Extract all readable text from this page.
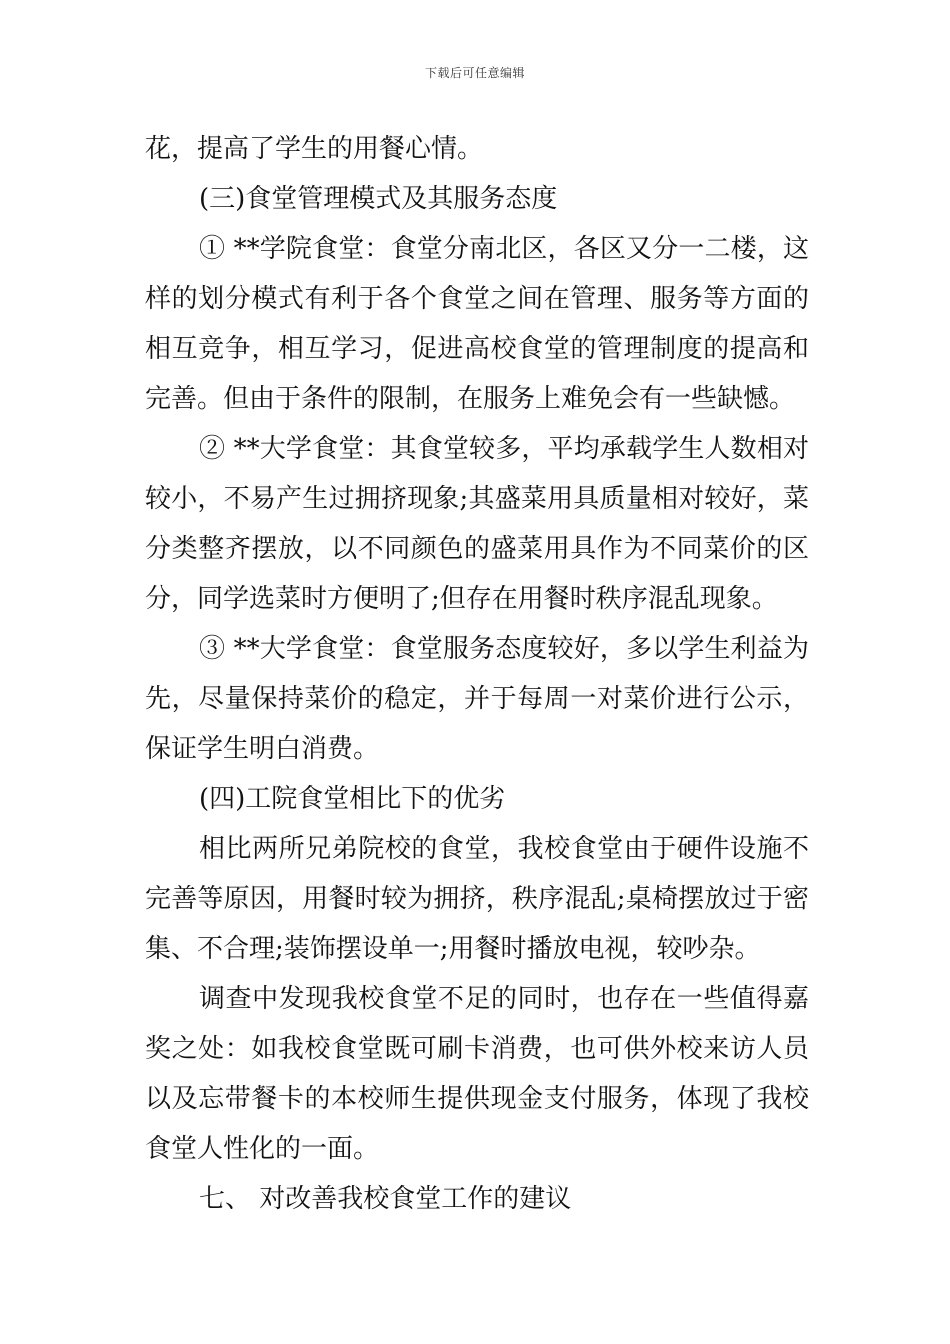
下载后可任意编辑
花，提高了学生的用餐心情。
(三)食堂管理模式及其服务态度
① **学院食堂：食堂分南北区，各区又分一二楼，这
样的划分模式有利于各个食堂之间在管理、服务等方面的
相互竞争，相互学习，促进高校食堂的管理制度的提高和
完善。但由于条件的限制，在服务上难免会有一些缺憾。
② **大学食堂：其食堂较多，平均承载学生人数相对
较小，不易产生过拥挤现象;其盛菜用具质量相对较好，菜
分类整齐摆放，以不同颜色的盛菜用具作为不同菜价的区
分，同学选菜时方便明了;但存在用餐时秩序混乱现象。
③ **大学食堂：食堂服务态度较好，多以学生利益为
先，尽量保持菜价的稳定，并于每周一对菜价进行公示，
保证学生明白消费。
(四)工院食堂相比下的优劣
相比两所兄弟院校的食堂，我校食堂由于硬件设施不
完善等原因，用餐时较为拥挤，秩序混乱;桌椅摆放过于密
集、不合理;装饰摆设单一;用餐时播放电视，较吵杂。
调查中发现我校食堂不足的同时，也存在一些值得嘉
奖之处：如我校食堂既可刷卡消费，也可供外校来访人员
以及忘带餐卡的本校师生提供现金支付服务，体现了我校
食堂人性化的一面。
七、 对改善我校食堂工作的建议
